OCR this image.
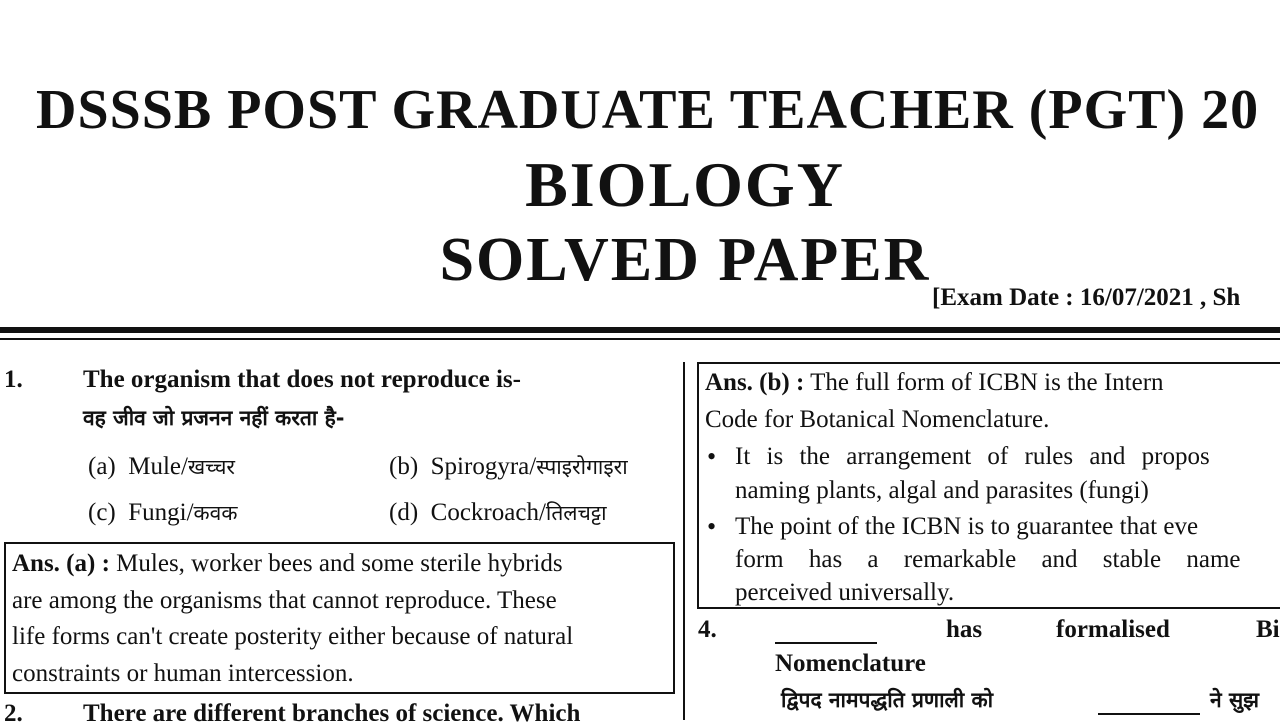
DSSSB POST GRADUATE TEACHER (PGT) 20
BIOLOGY
SOLVED PAPER
[Exam Date : 16/07/2021 , Sh
1. The organism that does not reproduce is-
वह जीव जो प्रजनन नहीं करता है-
(a) Mule/खच्चर	(b) Spirogyra/स्पाइरोगाइरा
(c) Fungi/कवक	(d) Cockroach/तिलचट्टा
Ans. (a) : Mules, worker bees and some sterile hybrids
are among the organisms that cannot reproduce. These
life forms can't create posterity either because of natural
constraints or human intercession.
2. There are different branches of science. Which
Ans. (b) : The full form of ICBN is the Intern
Code for Botanical Nomenclature.
• It is the arrangement of rules and propos
naming plants, algal and parasites (fungi)
• The point of the ICBN is to guarantee that eve
form has a remarkable and stable name
perceived universally.
4.	has	formalised	Bi
Nomenclature
द्विपद नामपद्धति प्रणाली को	ने सुझ
